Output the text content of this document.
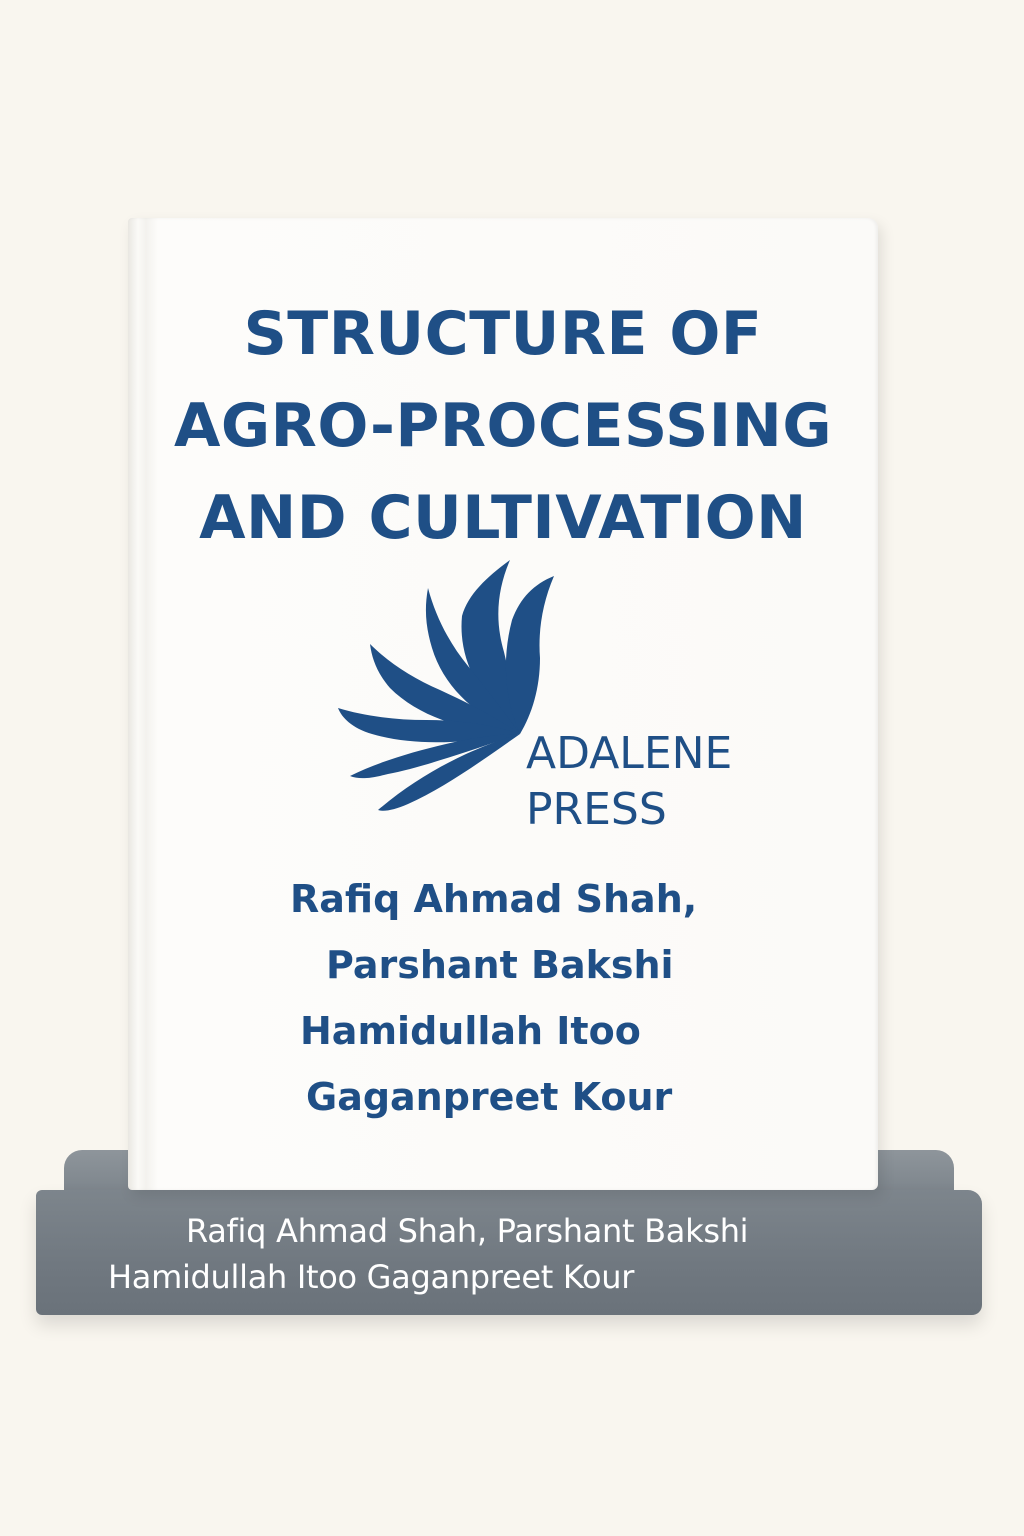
Rafiq Ahmad Shah, Parshant Bakshi
Hamidullah Itoo Gaganpreet Kour
STRUCTURE OF
AGRO-PROCESSING
AND CULTIVATION
ADALENE
PRESS
Rafiq Ahmad Shah,
Parshant Bakshi
Hamidullah Itoo
Gaganpreet Kour
